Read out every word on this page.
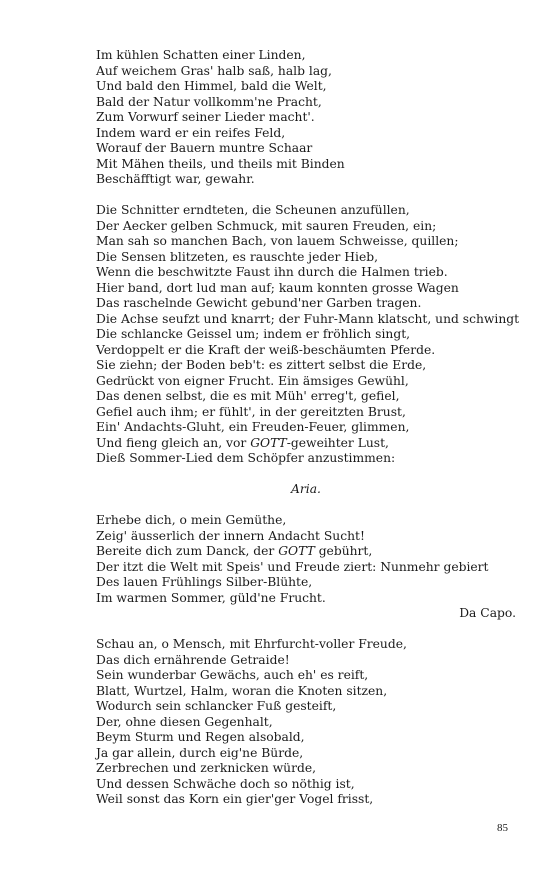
Im kühlen Schatten einer Linden,
Auf weichem Gras' halb saß, halb lag,
Und bald den Himmel, bald die Welt,
Bald der Natur vollkomm'ne Pracht,
Zum Vorwurf seiner Lieder macht'.
Indem ward er ein reifes Feld,
Worauf der Bauern muntre Schaar
Mit Mähen theils, und theils mit Binden
Beschäfftigt war, gewahr.
Die Schnitter erndteten, die Scheunen anzufüllen,
Der Aecker gelben Schmuck, mit sauren Freuden, ein;
Man sah so manchen Bach, von lauem Schweisse, quillen;
Die Sensen blitzeten, es rauschte jeder Hieb,
Wenn die beschwitzte Faust ihn durch die Halmen trieb.
Hier band, dort lud man auf; kaum konnten grosse Wagen
Das raschelnde Gewicht gebund'ner Garben tragen.
Die Achse seufzt und knarrt; der Fuhr-Mann klatscht, und schwingt
Die schlancke Geissel um; indem er fröhlich singt,
Verdoppelt er die Kraft der weiß-beschäumten Pferde.
Sie ziehn; der Boden beb't: es zittert selbst die Erde,
Gedrückt von eigner Frucht. Ein ämsiges Gewühl,
Das denen selbst, die es mit Müh' erreg't, gefiel,
Gefiel auch ihm; er fühlt', in der gereitzten Brust,
Ein' Andachts-Gluht, ein Freuden-Feuer, glimmen,
Und fieng gleich an, vor GOTT-geweihter Lust,
Dieß Sommer-Lied dem Schöpfer anzustimmen:
Aria.
Erhebe dich, o mein Gemüthe,
Zeig' äusserlich der innern Andacht Sucht!
Bereite dich zum Danck, der GOTT gebührt,
Der itzt die Welt mit Speis' und Freude ziert: Nunmehr gebiert
Des lauen Frühlings Silber-Blühte,
Im warmen Sommer, güld'ne Frucht.
Da Capo.
Schau an, o Mensch, mit Ehrfurcht-voller Freude,
Das dich ernährende Getraide!
Sein wunderbar Gewächs, auch eh' es reift,
Blatt, Wurtzel, Halm, woran die Knoten sitzen,
Wodurch sein schlancker Fuß gesteift,
Der, ohne diesen Gegenhalt,
Beym Sturm und Regen alsobald,
Ja gar allein, durch eig'ne Bürde,
Zerbrechen und zerknicken würde,
Und dessen Schwäche doch so nöthig ist,
Weil sonst das Korn ein gier'ger Vogel frisst,
85
